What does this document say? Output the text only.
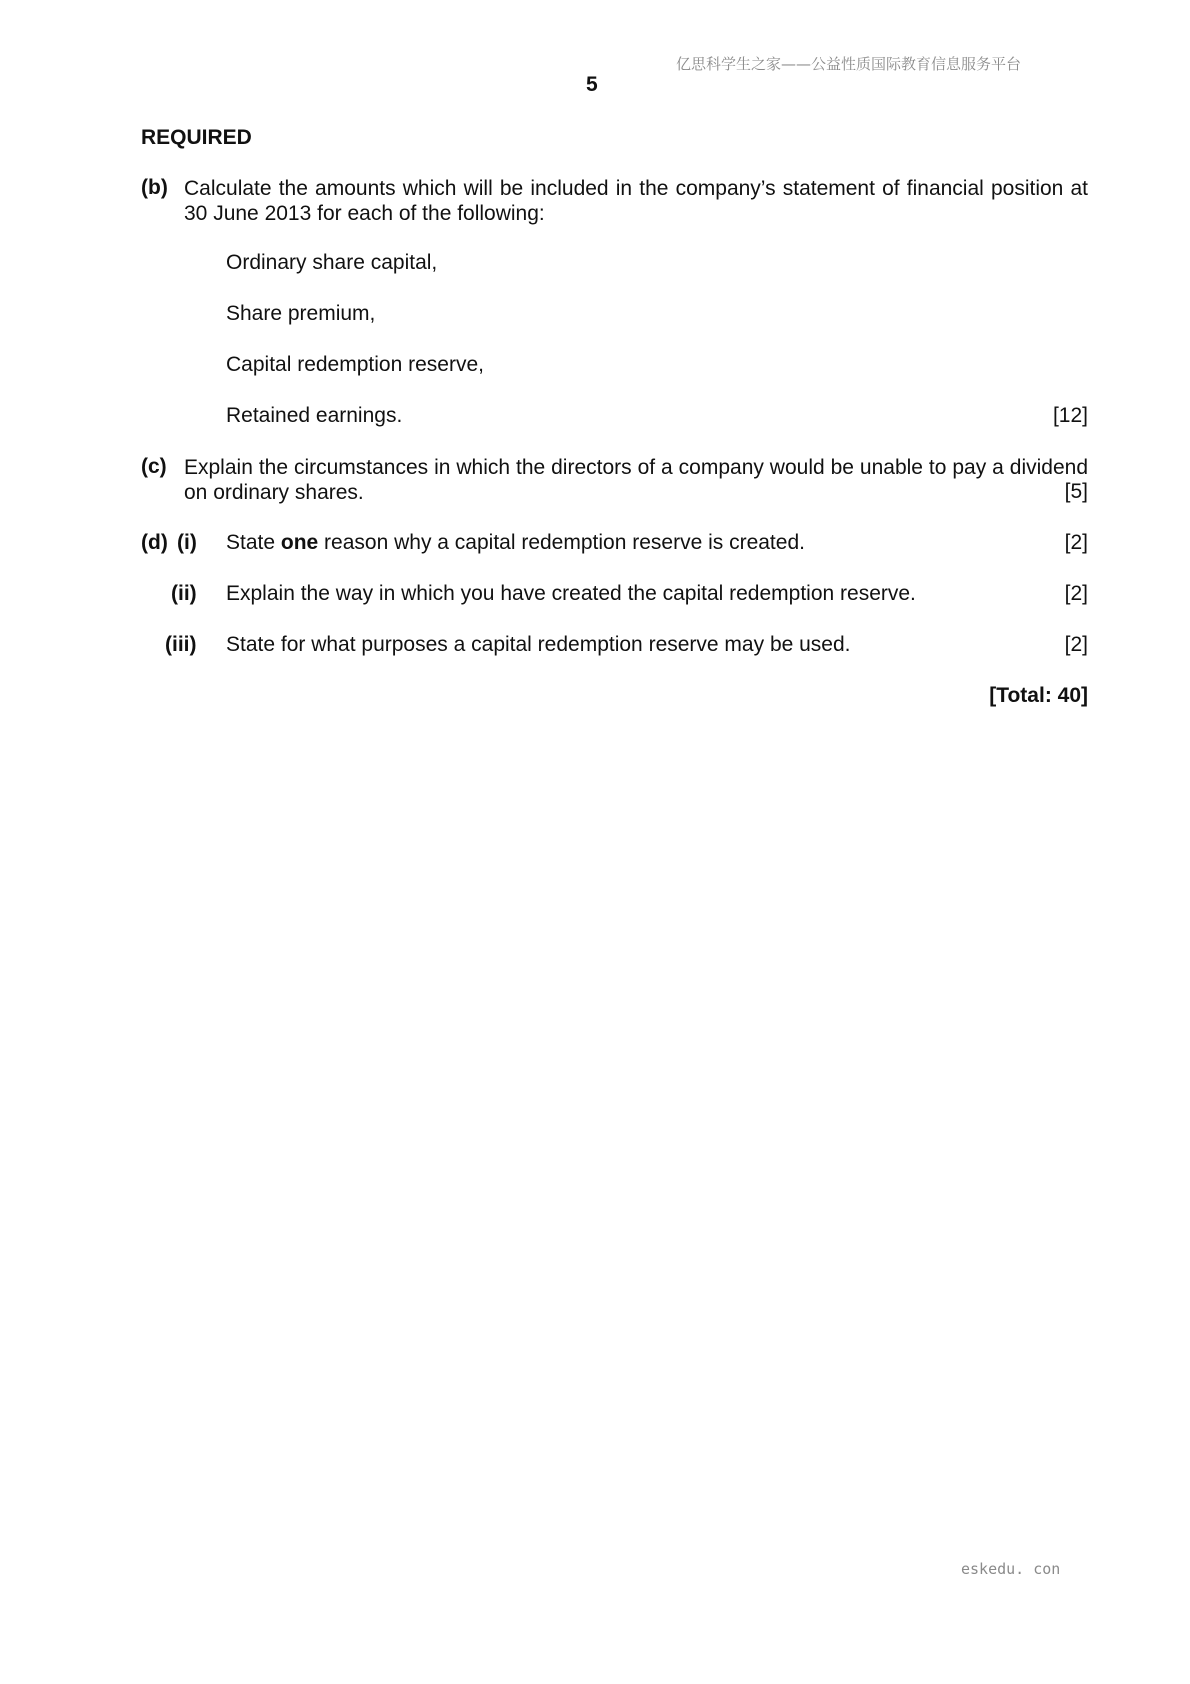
亿思科学生之家——公益性质国际教育信息服务平台
5
REQUIRED
(b) Calculate the amounts which will be included in the company’s statement of financial position at 30 June 2013 for each of the following:
Ordinary share capital,
Share premium,
Capital redemption reserve,
Retained earnings.	[12]
(c) Explain the circumstances in which the directors of a company would be unable to pay a dividend on ordinary shares.	[5]
(d) (i) State one reason why a capital redemption reserve is created.	[2]
(ii) Explain the way in which you have created the capital redemption reserve.	[2]
(iii) State for what purposes a capital redemption reserve may be used.	[2]
[Total: 40]
eskedu. con
